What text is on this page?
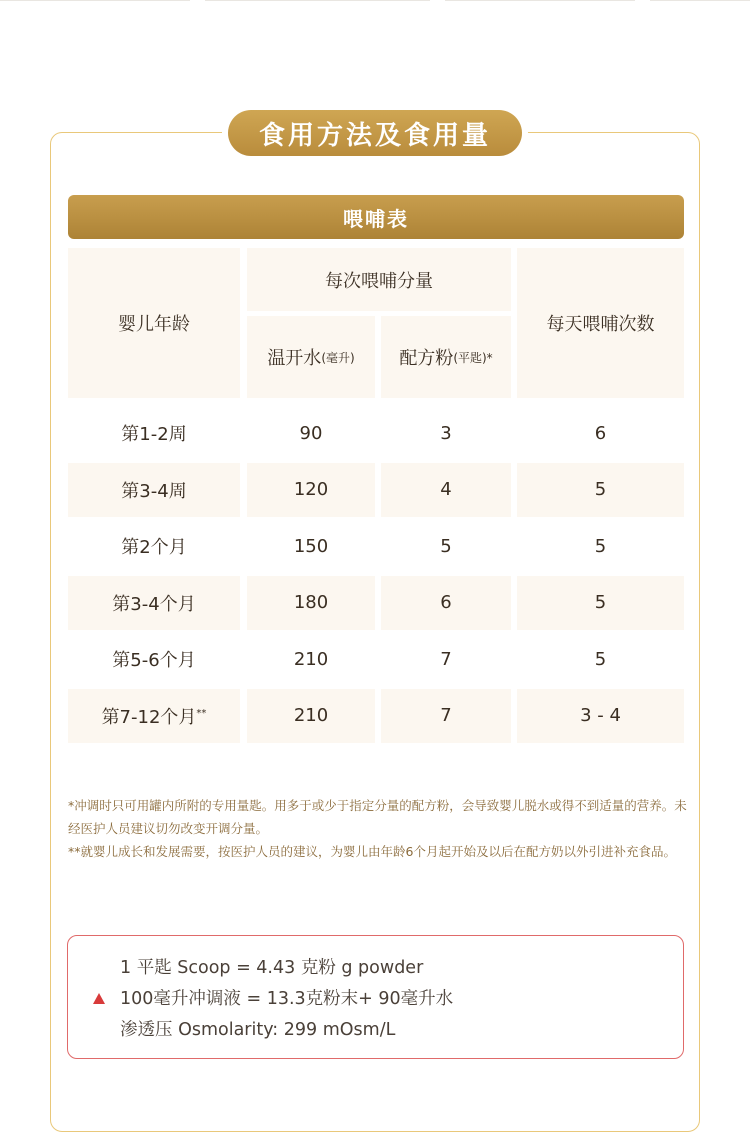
食用方法及食用量
喂哺表
婴儿年龄
每次喂哺分量
温开水 (毫升) 配方粉 (平匙)*
每天喂哺次数
第1-2周	90	3	6
第3-4周	120	4	5
第2个月	150	5	5
第3-4个月	180	6	5
第5-6个月	210	7	5
第7-12个月 **	210	7	3 - 4

*冲调时只可用罐内所附的专用量匙。用多于或少于指定分量的配方粉，会导致婴儿脱水或得不到适量的营养。未经医护人员建议切勿改变开调分量。

**就婴儿成长和发展需要，按医护人员的建议，为婴儿由年龄6个月起开始及以后在配方奶以外引进补充食品。

1 平匙 Scoop = 4.43 克粉 g powder
100毫升冲调液 = 13.3克粉末+ 90毫升水
渗透压 Osmolarity: 299 mOsm/L
